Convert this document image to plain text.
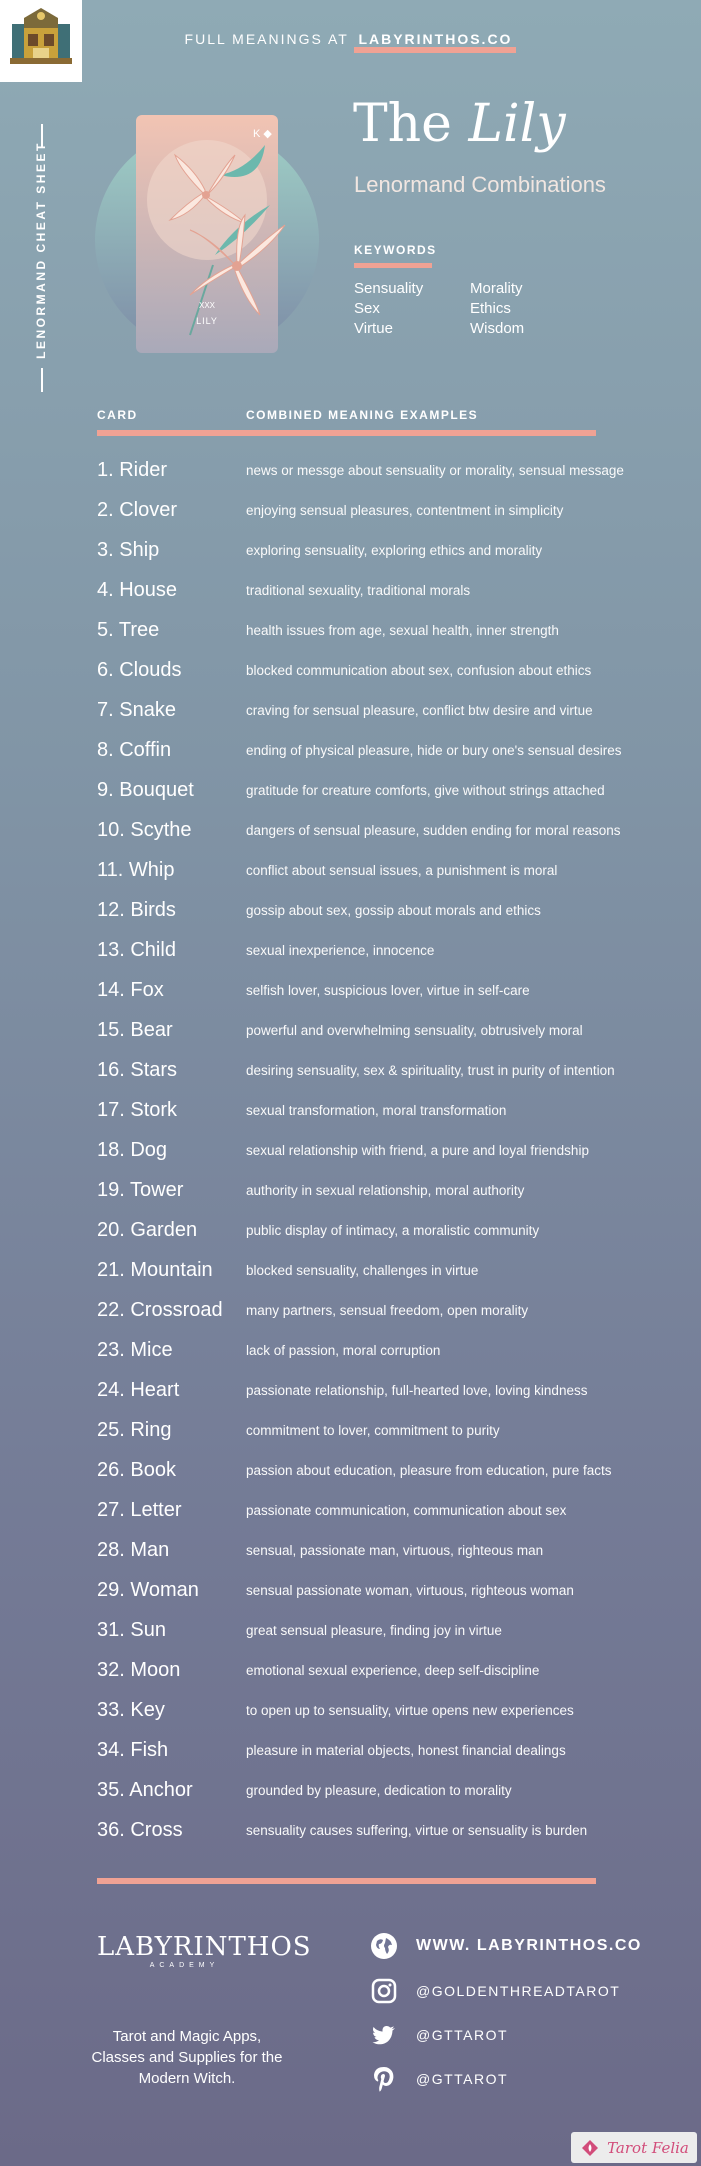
FULL MEANINGS AT LABYRINTHOS.CO
LENORMAND CHEAT SHEET
K ◆
XXX
LILY
The Lily
Lenormand Combinations
KEYWORDS
Sensuality
Sex
Virtue
Morality
Ethics
Wisdom
CARD	COMBINED MEANING EXAMPLES
1. Rider	news or messge about sensuality or morality, sensual message
2. Clover	enjoying sensual pleasures, contentment in simplicity
3. Ship	exploring sensuality, exploring ethics and morality
4. House	traditional sexuality, traditional morals
5. Tree	health issues from age, sexual health, inner strength
6. Clouds	blocked communication about sex, confusion about ethics
7. Snake	craving for sensual pleasure, conflict btw desire and virtue
8. Coffin	ending of physical pleasure, hide or bury one's sensual desires
9. Bouquet	gratitude for creature comforts, give without strings attached
10. Scythe	dangers of sensual pleasure, sudden ending for moral reasons
11. Whip	conflict about sensual issues, a punishment is moral
12. Birds	gossip about sex, gossip about morals and ethics
13. Child	sexual inexperience, innocence
14. Fox	selfish lover, suspicious lover, virtue in self-care
15. Bear	powerful and overwhelming sensuality, obtrusively moral
16. Stars	desiring sensuality, sex & spirituality, trust in purity of intention
17. Stork	sexual transformation, moral transformation
18. Dog	sexual relationship with friend, a pure and loyal friendship
19. Tower	authority in sexual relationship, moral authority
20. Garden	public display of intimacy, a moralistic community
21. Mountain	blocked sensuality, challenges in virtue
22. Crossroad	many partners, sensual freedom, open morality
23. Mice	lack of passion, moral corruption
24. Heart	passionate relationship, full-hearted love, loving kindness
25. Ring	commitment to lover, commitment to purity
26. Book	passion about education, pleasure from education, pure facts
27. Letter	passionate communication, communication about sex
28. Man	sensual, passionate man, virtuous, righteous man
29. Woman	sensual passionate woman, virtuous, righteous woman
31. Sun	great sensual pleasure, finding joy in virtue
32. Moon	emotional sexual experience, deep self-discipline
33. Key	to open up to sensuality, virtue opens new experiences
34. Fish	pleasure in material objects, honest financial dealings
35. Anchor	grounded by pleasure, dedication to morality
36. Cross	sensuality causes suffering, virtue or sensuality is burden
LABYRINTHOS
ACADEMY
Tarot and Magic Apps, Classes and Supplies for the Modern Witch.
WWW. LABYRINTHOS.CO
@GOLDENTHREADTAROT
@GTTAROT
@GTTAROT
Tarot Felia
